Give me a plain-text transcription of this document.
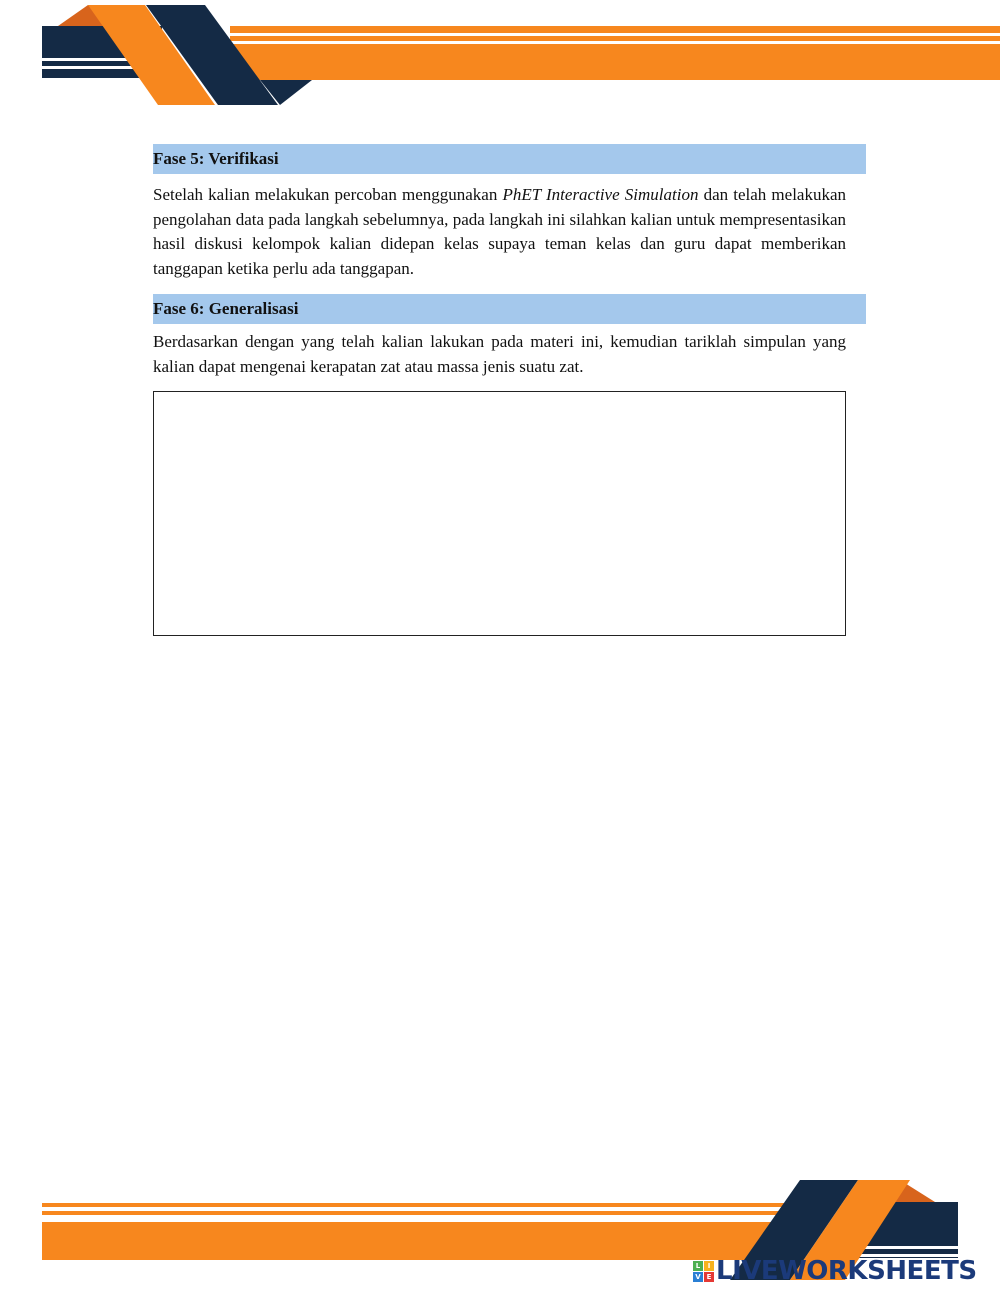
Fase 5: Verifikasi

Setelah kalian melakukan percoban menggunakan PhET Interactive Simulation dan telah melakukan pengolahan data pada langkah sebelumnya, pada langkah ini silahkan kalian untuk mempresentasikan hasil diskusi kelompok kalian didepan kelas supaya teman kelas dan guru dapat memberikan tanggapan ketika perlu ada tanggapan.

Fase 6: Generalisasi

Berdasarkan dengan yang telah kalian lakukan pada materi ini, kemudian tariklah simpulan yang kalian dapat mengenai kerapatan zat atau massa jenis suatu zat.

L	I
V E LIVEWORKSHEETS
